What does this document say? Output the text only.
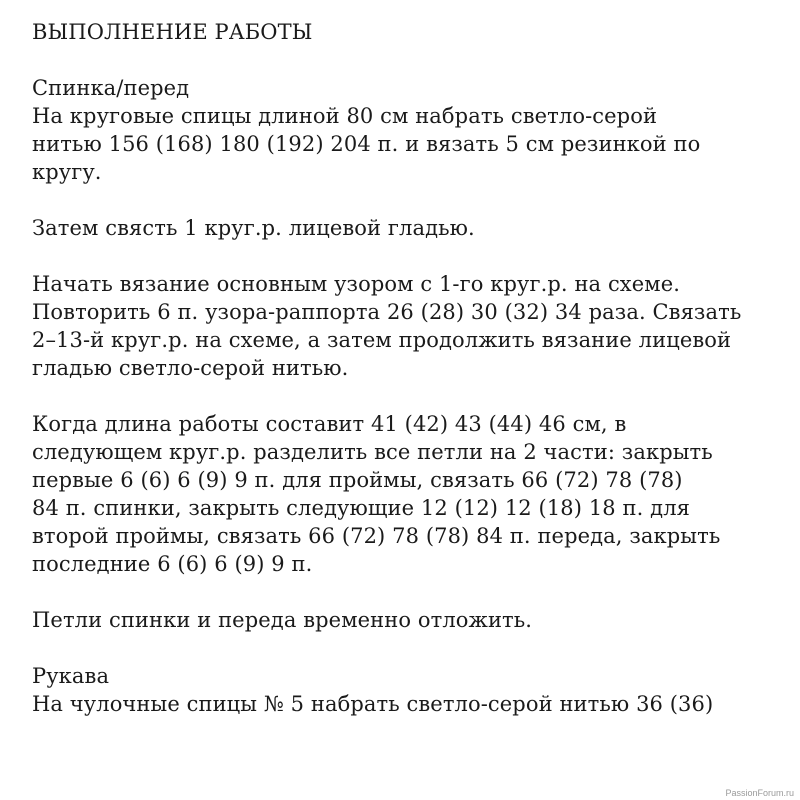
ВЫПОЛНЕНИЕ РАБОТЫ
Спинка/перед
На круговые спицы длиной 80 см набрать светло-серой
нитью 156 (168) 180 (192) 204 п. и вязать 5 см резинкой по
кругу.
Затем свясть 1 круг.р. лицевой гладью.
Начать вязание основным узором с 1-го круг.р. на схеме.
Повторить 6 п. узора-раппорта 26 (28) 30 (32) 34 раза. Связать
2–13-й круг.р. на схеме, а затем продолжить вязание лицевой
гладью светло-серой нитью.
Когда длина работы составит 41 (42) 43 (44) 46 см, в
следующем круг.р. разделить все петли на 2 части: закрыть
первые 6 (6) 6 (9) 9 п. для проймы, связать 66 (72) 78 (78)
84 п. спинки, закрыть следующие 12 (12) 12 (18) 18 п. для
второй проймы, связать 66 (72) 78 (78) 84 п. переда, закрыть
последние 6 (6) 6 (9) 9 п.
Петли спинки и переда временно отложить.
Рукава
На чулочные спицы № 5 набрать светло-серой нитью 36 (36)
PassionForum.ru
